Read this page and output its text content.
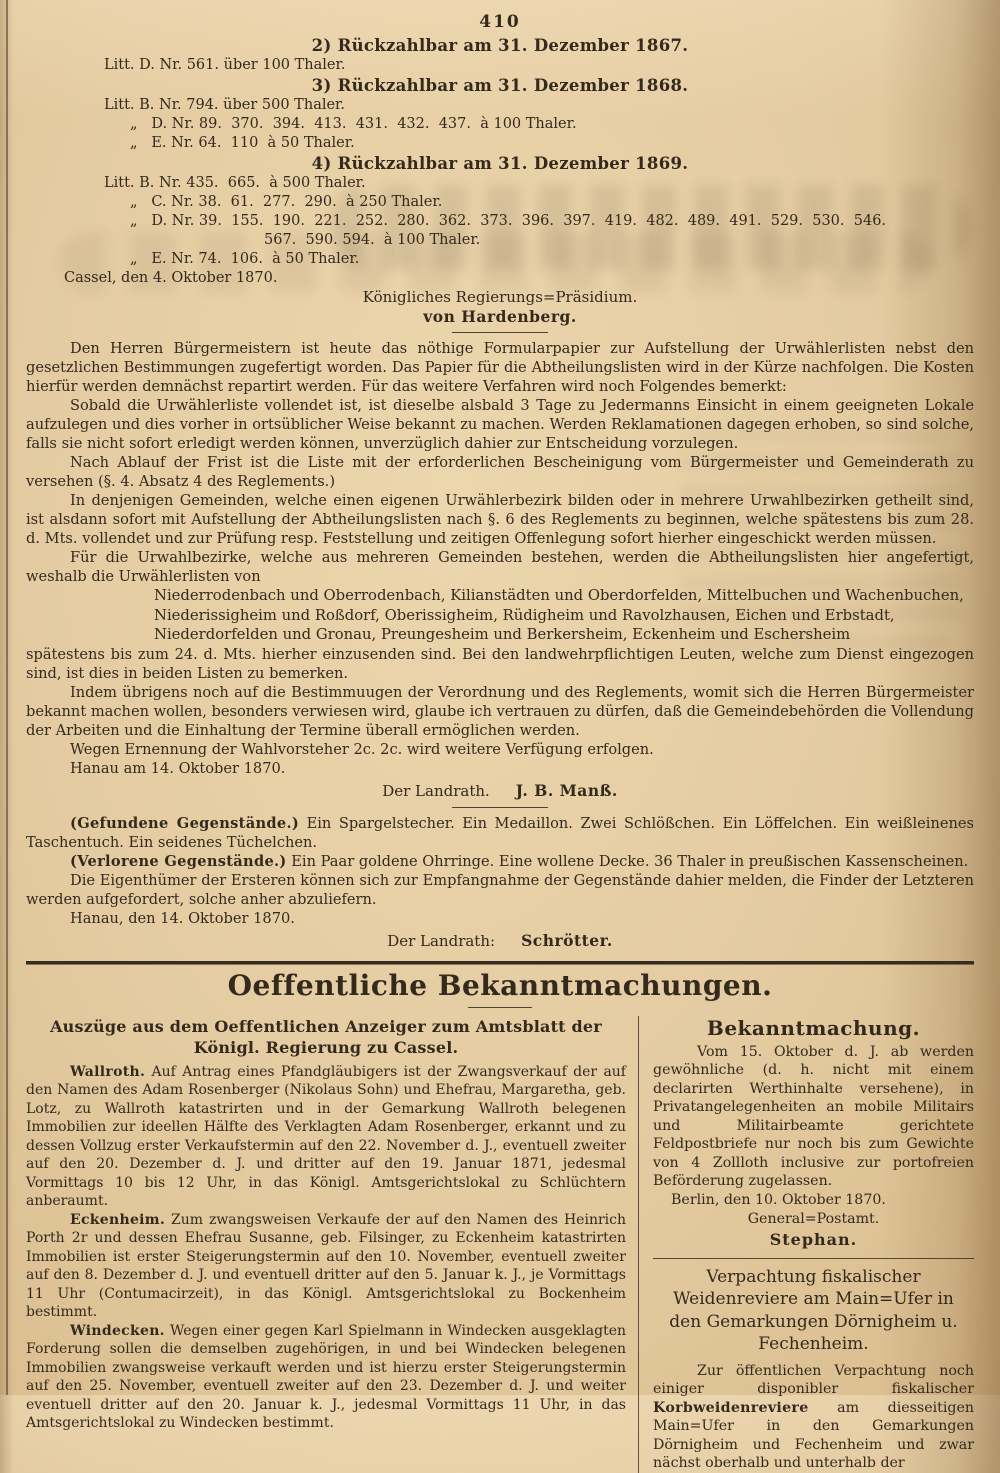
410
2) Rückzahlbar am 31. Dezember 1867.
Litt. D. Nr. 561. über 100 Thaler.
3) Rückzahlbar am 31. Dezember 1868.
Litt. B. Nr. 794. über 500 Thaler.
„   D. Nr. 89.  370.  394.  413.  431.  432.  437.  à 100 Thaler.
„   E. Nr. 64.  110  à 50 Thaler.
4) Rückzahlbar am 31. Dezember 1869.
Litt. B. Nr. 435.  665.  à 500 Thaler.
„   C. Nr. 38.  61.  277.  290.  à 250 Thaler.
„   D. Nr. 39.  155.  190.  221.  252.  280.  362.  373.  396.  397.  419.  482.  489.  491.  529.  530.  546.
567.  590. 594.  à 100 Thaler.
„   E. Nr. 74.  106.  à 50 Thaler.
Cassel, den 4. Oktober 1870.
Königliches Regierungs=Präsidium.
von Hardenberg.

Den Herren Bürgermeistern ist heute das nöthige Formularpapier zur Aufstellung der Urwählerlisten nebst den gesetzlichen Bestimmungen zugefertigt worden. Das Papier für die Abtheilungslisten wird in der Kürze nachfolgen. Die Kosten hierfür werden demnächst repartirt werden. Für das weitere Verfahren wird noch Folgendes bemerkt:

Sobald die Urwählerliste vollendet ist, ist dieselbe alsbald 3 Tage zu Jedermanns Einsicht in einem geeigneten Lokale aufzulegen und dies vorher in ortsüblicher Weise bekannt zu machen. Werden Reklamationen dagegen erhoben, so sind solche, falls sie nicht sofort erledigt werden können, unverzüglich dahier zur Entscheidung vorzulegen.

Nach Ablauf der Frist ist die Liste mit der erforderlichen Bescheinigung vom Bürgermeister und Gemeinderath zu versehen (§. 4. Absatz 4 des Reglements.)

In denjenigen Gemeinden, welche einen eigenen Urwählerbezirk bilden oder in mehrere Urwahlbezirken getheilt sind, ist alsdann sofort mit Aufstellung der Abtheilungslisten nach §. 6 des Reglements zu beginnen, welche spätestens bis zum 28. d. Mts. vollendet und zur Prüfung resp. Feststellung und zeitigen Offenlegung sofort hierher eingeschickt werden müssen.

Für die Urwahlbezirke, welche aus mehreren Gemeinden bestehen, werden die Abtheilungslisten hier angefertigt, weshalb die Urwählerlisten von

Niederrodenbach und Oberrodenbach, Kilianstädten und Oberdorfelden, Mittelbuchen und Wachenbuchen,
Niederissigheim und Roßdorf, Oberissigheim, Rüdigheim und Ravolzhausen, Eichen und Erbstadt,
Niederdorfelden und Gronau, Preungesheim und Berkersheim, Eckenheim und Eschersheim

spätestens bis zum 24. d. Mts. hierher einzusenden sind. Bei den landwehrpflichtigen Leuten, welche zum Dienst eingezogen sind, ist dies in beiden Listen zu bemerken.

Indem übrigens noch auf die Bestimmuugen der Verordnung und des Reglements, womit sich die Herren Bürgermeister bekannt machen wollen, besonders verwiesen wird, glaube ich vertrauen zu dürfen, daß die Gemeindebehörden die Vollendung der Arbeiten und die Einhaltung der Termine überall ermöglichen werden.

Wegen Ernennung der Wahlvorsteher 2c. 2c. wird weitere Verfügung erfolgen.

Hanau am 14. Oktober 1870.

Der Landrath. J. B. Manß.

(Gefundene Gegenstände.) Ein Spargelstecher. Ein Medaillon. Zwei Schlößchen. Ein Löffelchen. Ein weißleinenes Taschentuch. Ein seidenes Tüchelchen.

(Verlorene Gegenstände.) Ein Paar goldene Ohrringe. Eine wollene Decke. 36 Thaler in preußischen Kassenscheinen.

Die Eigenthümer der Ersteren können sich zur Empfangnahme der Gegenstände dahier melden, die Finder der Letzteren werden aufgefordert, solche anher abzuliefern.

Hanau, den 14. Oktober 1870.

Der Landrath: Schrötter.
Oeffentliche Bekanntmachungen.
Auszüge aus dem Oeffentlichen Anzeiger zum Amtsblatt der Königl. Regierung zu Cassel.

Wallroth. Auf Antrag eines Pfandgläubigers ist der Zwangsverkauf der auf den Namen des Adam Rosenberger (Nikolaus Sohn) und Ehefrau, Margaretha, geb. Lotz, zu Wallroth katastrirten und in der Gemarkung Wallroth belegenen Immobilien zur ideellen Hälfte des Verklagten Adam Rosenberger, erkannt und zu dessen Vollzug erster Verkaufstermin auf den 22. November d. J., eventuell zweiter auf den 20. Dezember d. J. und dritter auf den 19. Januar 1871, jedesmal Vormittags 10 bis 12 Uhr, in das Königl. Amtsgerichtslokal zu Schlüchtern anberaumt.

Eckenheim. Zum zwangsweisen Verkaufe der auf den Namen des Heinrich Porth 2r und dessen Ehefrau Susanne, geb. Filsinger, zu Eckenheim katastrirten Immobilien ist erster Steigerungstermin auf den 10. November, eventuell zweiter auf den 8. Dezember d. J. und eventuell dritter auf den 5. Januar k. J., je Vormittags 11 Uhr (Contumacirzeit), in das Königl. Amtsgerichtslokal zu Bockenheim bestimmt.

Windecken. Wegen einer gegen Karl Spielmann in Windecken ausgeklagten Forderung sollen die demselben zugehörigen, in und bei Windecken belegenen Immobilien zwangsweise verkauft werden und ist hierzu erster Steigerungstermin auf den 25. November, eventuell zweiter auf den 23. Dezember d. J. und weiter eventuell dritter auf den 20. Januar k. J., jedesmal Vormittags 11 Uhr, in das Amtsgerichtslokal zu Windecken bestimmt.

Bekanntmachung.

Vom 15. Oktober d. J. ab werden gewöhnliche (d. h. nicht mit einem declarirten Werthinhalte versehene), in Privatangelegenheiten an mobile Militairs und Militairbeamte gerichtete Feldpostbriefe nur noch bis zum Gewichte von 4 Zollloth inclusive zur portofreien Beförderung zugelassen.

Berlin, den 10. Oktober 1870.
General=Postamt.
Stephan.
Verpachtung fiskalischer Weidenreviere am Main=Ufer in den Gemarkungen Dörnigheim u. Fechenheim.

Zur öffentlichen Verpachtung noch einiger disponibler fiskalischer Korbweidenreviere am diesseitigen Main=Ufer in den Gemarkungen Dörnigheim und Fechenheim und zwar nächst oberhalb und unterhalb der
